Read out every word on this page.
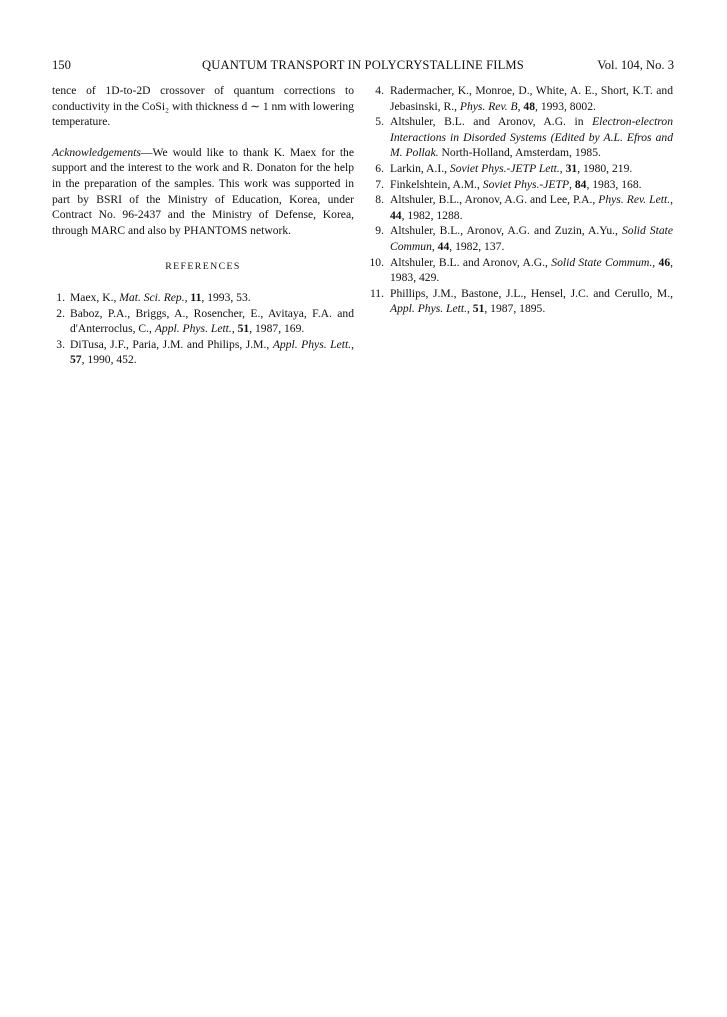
150	QUANTUM TRANSPORT IN POLYCRYSTALLINE FILMS	Vol. 104, No. 3

tence of 1D-to-2D crossover of quantum corrections to conductivity in the CoSi₂ with thickness d ∼ 1 nm with lowering temperature.

Acknowledgements—We would like to thank K. Maex for the support and the interest to the work and R. Donaton for the help in the preparation of the samples. This work was supported in part by BSRI of the Ministry of Education, Korea, under Contract No. 96-2437 and the Ministry of Defense, Korea, through MARC and also by PHANTOMS network.

REFERENCES
1. Maex, K., Mat. Sci. Rep., 11, 1993, 53.
2. Baboz, P.A., Briggs, A., Rosencher, E., Avitaya, F.A. and d'Anterroclus, C., Appl. Phys. Lett., 51, 1987, 169.
3. DiTusa, J.F., Paria, J.M. and Philips, J.M., Appl. Phys. Lett., 57, 1990, 452.
4. Radermacher, K., Monroe, D., White, A. E., Short, K.T. and Jebasinski, R., Phys. Rev. B, 48, 1993, 8002.
5. Altshuler, B.L. and Aronov, A.G. in Electron-electron Interactions in Disorded Systems (Edited by A.L. Efros and M. Pollak. North-Holland, Amsterdam, 1985.
6. Larkin, A.I., Soviet Phys.-JETP Lett., 31, 1980, 219.
7. Finkelshtein, A.M., Soviet Phys.-JETP, 84, 1983, 168.
8. Altshuler, B.L., Aronov, A.G. and Lee, P.A., Phys. Rev. Lett., 44, 1982, 1288.
9. Altshuler, B.L., Aronov, A.G. and Zuzin, A.Yu., Solid State Commun, 44, 1982, 137.
10. Altshuler, B.L. and Aronov, A.G., Solid State Commum., 46, 1983, 429.
11. Phillips, J.M., Bastone, J.L., Hensel, J.C. and Cerullo, M., Appl. Phys. Lett., 51, 1987, 1895.
